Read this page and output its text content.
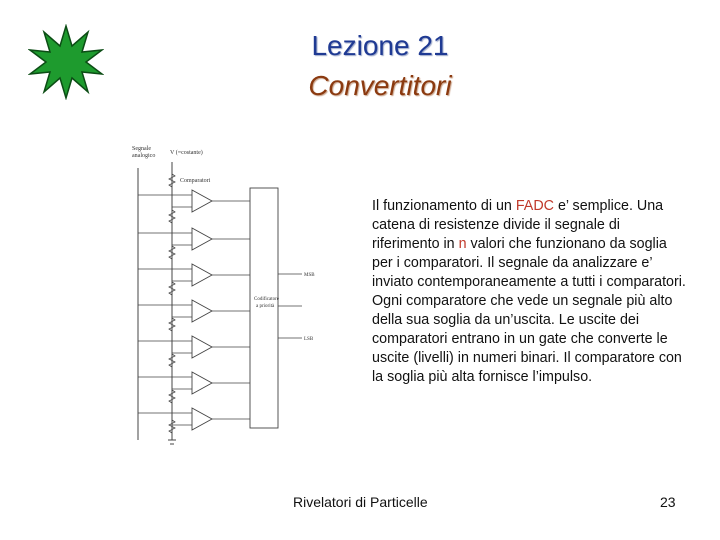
Lezione 21
Convertitori
Segnale
analogico V (=costante)
Comparatori
Codificatore
a priorità
MSB
LSB
Il funzionamento di un FADC e’ semplice. Una catena di resistenze divide il segnale di riferimento in n valori che funzionano da soglia per i comparatori. Il segnale da analizzare e’ inviato contemporaneamente a tutti i comparatori. Ogni comparatore che vede un segnale più alto della sua soglia da un’uscita. Le uscite dei comparatori entrano in un gate che converte le uscite (livelli) in numeri binari. Il comparatore con la soglia più alta fornisce l’impulso.
Rivelatori di Particelle	23
